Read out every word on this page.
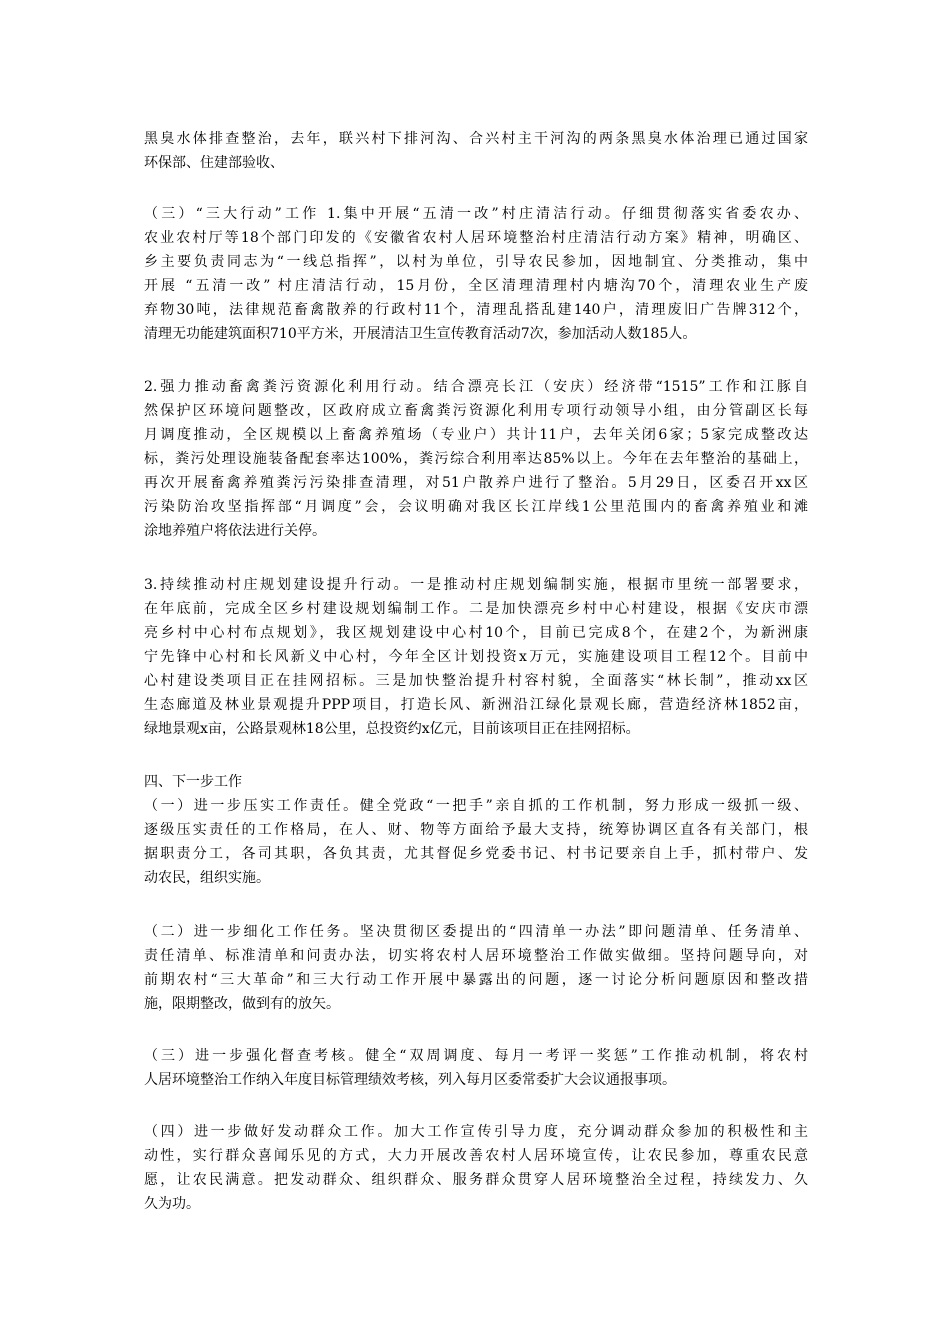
黑臭水体排查整治，去年，联兴村下排河沟、合兴村主干河沟的两条黑臭水体治理已通过国家
环保部、住建部验收、
（三）“三大行动”工作 1.集中开展“五清一改”村庄清洁行动。仔细贯彻落实省委农办、
农业农村厅等18个部门印发的《安徽省农村人居环境整治村庄清洁行动方案》精神，明确区、
乡主要负责同志为“一线总指挥”，以村为单位，引导农民参加，因地制宜、分类推动，集中
开展 “五清一改” 村庄清洁行动，15月份，全区清理清理村内塘沟70个，清理农业生产废
弃物30吨，法律规范畜禽散养的行政村11个，清理乱搭乱建140户，清理废旧广告牌312个，
清理无功能建筑面积710平方米，开展清洁卫生宣传教育活动7次，参加活动人数185人。
2.强力推动畜禽粪污资源化利用行动。结合漂亮长江（安庆）经济带“1515”工作和江豚自
然保护区环境问题整改，区政府成立畜禽粪污资源化利用专项行动领导小组，由分管副区长每
月调度推动，全区规模以上畜禽养殖场（专业户）共计11户，去年关闭6家；5家完成整改达
标，粪污处理设施装备配套率达100%，粪污综合利用率达85%以上。今年在去年整治的基础上，
再次开展畜禽养殖粪污污染排查清理，对51户散养户进行了整治。5月29日，区委召开xx区
污染防治攻坚指挥部“月调度”会，会议明确对我区长江岸线1公里范围内的畜禽养殖业和滩
涂地养殖户将依法进行关停。
3.持续推动村庄规划建设提升行动。一是推动村庄规划编制实施，根据市里统一部署要求，
在年底前，完成全区乡村建设规划编制工作。二是加快漂亮乡村中心村建设，根据《安庆市漂
亮乡村中心村布点规划》，我区规划建设中心村10个，目前已完成8个，在建2个，为新洲康
宁先锋中心村和长风新义中心村，今年全区计划投资x万元，实施建设项目工程12个。目前中
心村建设类项目正在挂网招标。三是加快整治提升村容村貌，全面落实“林长制”，推动xx区
生态廊道及林业景观提升PPP项目，打造长风、新洲沿江绿化景观长廊，营造经济林1852亩，
绿地景观x亩，公路景观林18公里，总投资约x亿元，目前该项目正在挂网招标。
四、下一步工作
（一）进一步压实工作责任。健全党政“一把手”亲自抓的工作机制，努力形成一级抓一级、
逐级压实责任的工作格局，在人、财、物等方面给予最大支持，统筹协调区直各有关部门，根
据职责分工，各司其职，各负其责，尤其督促乡党委书记、村书记要亲自上手，抓村带户、发
动农民，组织实施。
（二）进一步细化工作任务。坚决贯彻区委提出的“四清单一办法”即问题清单、任务清单、
责任清单、标准清单和问责办法，切实将农村人居环境整治工作做实做细。坚持问题导向，对
前期农村“三大革命”和三大行动工作开展中暴露出的问题，逐一讨论分析问题原因和整改措
施，限期整改，做到有的放矢。
（三）进一步强化督查考核。健全“双周调度、每月一考评一奖惩”工作推动机制，将农村
人居环境整治工作纳入年度目标管理绩效考核，列入每月区委常委扩大会议通报事项。
（四）进一步做好发动群众工作。加大工作宣传引导力度，充分调动群众参加的积极性和主
动性，实行群众喜闻乐见的方式，大力开展改善农村人居环境宣传，让农民参加，尊重农民意
愿，让农民满意。把发动群众、组织群众、服务群众贯穿人居环境整治全过程，持续发力、久
久为功。
